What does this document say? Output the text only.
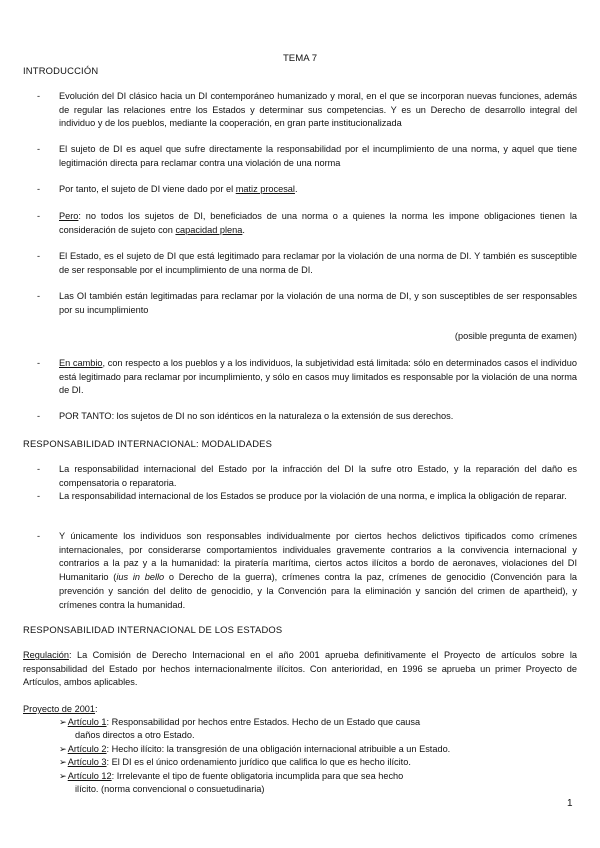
TEMA 7
INTRODUCCIÓN
- Evolución del DI clásico hacia un DI contemporáneo humanizado y moral, en el que se incorporan nuevas funciones, además de regular las relaciones entre los Estados y determinar sus competencias. Y es un Derecho de desarrollo integral del individuo y de los pueblos, mediante la cooperación, en gran parte institucionalizada
- El sujeto de DI es aquel que sufre directamente la responsabilidad por el incumplimiento de una norma, y aquel que tiene legitimación directa para reclamar contra una violación de una norma
- Por tanto, el sujeto de DI viene dado por el matiz procesal.
- Pero: no todos los sujetos de DI, beneficiados de una norma o a quienes la norma les impone obligaciones tienen la consideración de sujeto con capacidad plena.
- El Estado, es el sujeto de DI que está legitimado para reclamar por la violación de una norma de DI. Y también es susceptible de ser responsable por el incumplimiento de una norma de DI.
- Las OI también están legitimadas para reclamar por la violación de una norma de DI, y son susceptibles de ser responsables por su incumplimiento
(posible pregunta de examen)
- En cambio, con respecto a los pueblos y a los individuos, la subjetividad está limitada: sólo en determinados casos el individuo está legitimado para reclamar por incumplimiento, y sólo en casos muy limitados es responsable por la violación de una norma de DI.
- POR TANTO: los sujetos de DI no son idénticos en la naturaleza o la extensión de sus derechos.
RESPONSABILIDAD INTERNACIONAL: MODALIDADES
- La responsabilidad internacional del Estado por la infracción del DI la sufre otro Estado, y la reparación del daño es compensatoria o reparatoria.
- La responsabilidad internacional de los Estados se produce por la violación de una norma, e implica la obligación de reparar.
- Y únicamente los individuos son responsables individualmente por ciertos hechos delictivos tipificados como crímenes internacionales, por considerarse comportamientos individuales gravemente contrarios a la convivencia internacional y contrarios a la paz y a la humanidad: la piratería marítima, ciertos actos ilícitos a bordo de aeronaves, violaciones del DI Humanitario (ius in bello o Derecho de la guerra), crímenes contra la paz, crímenes de genocidio (Convención para la prevención y sanción del delito de genocidio, y la Convención para la eliminación y sanción del crimen de apartheid), y crímenes contra la humanidad.
RESPONSABILIDAD INTERNACIONAL DE LOS ESTADOS
Regulación: La Comisión de Derecho Internacional en el año 2001 aprueba definitivamente el Proyecto de artículos sobre la responsabilidad del Estado por hechos internacionalmente ilícitos. Con anterioridad, en 1996 se aprueba un primer Proyecto de Artículos, ambos aplicables.
Proyecto de 2001:
➢Artículo 1: Responsabilidad por hechos entre Estados. Hecho de un Estado que causa
daños directos a otro Estado.
➢Artículo 2: Hecho ilícito: la transgresión de una obligación internacional atribuible a un Estado.
➢Artículo 3: El DI es el único ordenamiento jurídico que califica lo que es hecho ilícito.
➢Artículo 12: Irrelevante el tipo de fuente obligatoria incumplida para que sea hecho
ilícito. (norma convencional o consuetudinaria)
1
